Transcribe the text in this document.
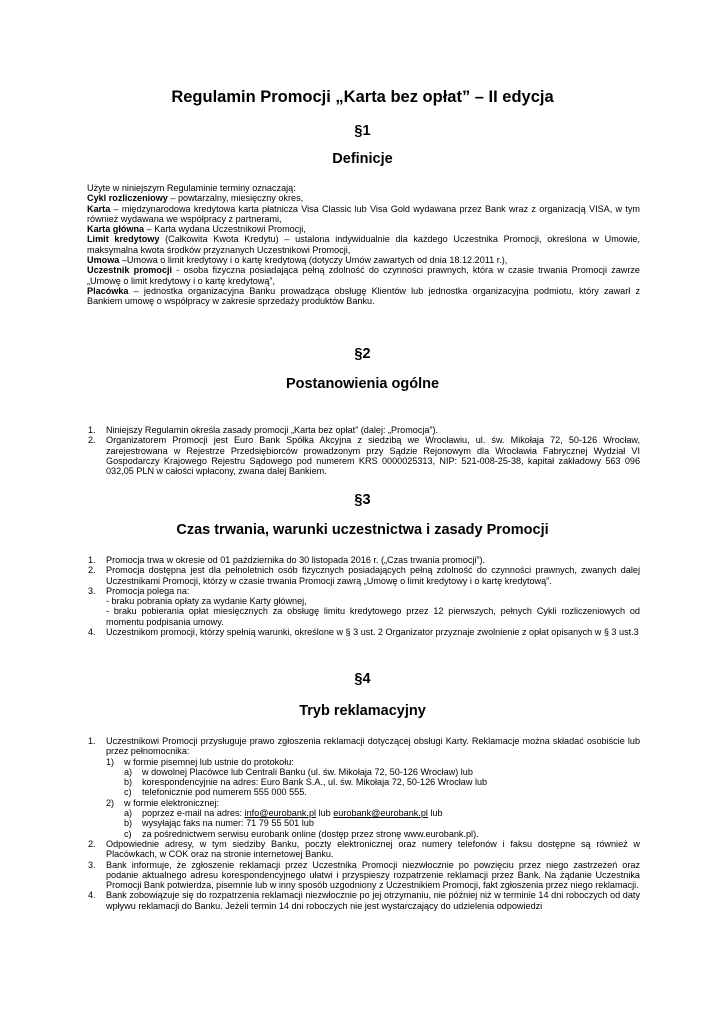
Regulamin Promocji „Karta bez opłat” – II edycja
§1
Definicje

Użyte w niniejszym Regulaminie terminy oznaczają:

Cykl rozliczeniowy – powtarzalny, miesięczny okres,

Karta – międzynarodowa kredytowa karta płatnicza Visa Classic lub Visa Gold wydawana przez Bank wraz z organizacją VISA, w tym również wydawana we współpracy z partnerami,

Karta główna – Karta wydana Uczestnikowi Promocji,

Limit kredytowy (Całkowita Kwota Kredytu) – ustalona indywidualnie dla każdego Uczestnika Promocji, określona w Umowie, maksymalna kwota środków przyznanych Uczestnikowi Promocji,

Umowa –Umowa o limit kredytowy i o kartę kredytową (dotyczy Umów zawartych od dnia 18.12.2011 r.),

Uczestnik promocji - osoba fizyczna posiadająca pełną zdolność do czynności prawnych, która w czasie trwania Promocji zawrze „Umowę o limit kredytowy i o kartę kredytową”,

Placówka – jednostka organizacyjna Banku prowadząca obsługę Klientów lub jednostka organizacyjna podmiotu, który zawarł z Bankiem umowę o współpracy w zakresie sprzedaży produktów Banku.

§2
Postanowienia ogólne
1. Niniejszy Regulamin określa zasady promocji „Karta bez opłat” (dalej: „Promocja”).
2. Organizatorem Promocji jest Euro Bank Spółka Akcyjna z siedzibą we Wrocławiu, ul. św. Mikołaja 72, 50-126 Wrocław, zarejestrowana w Rejestrze Przedsiębiorców prowadzonym przy Sądzie Rejonowym dla Wrocławia Fabrycznej Wydział VI Gospodarczy Krajowego Rejestru Sądowego pod numerem KRS 0000025313, NIP: 521-008-25-38, kapitał zakładowy 563 096 032,05 PLN w całości wpłacony, zwana dalej Bankiem.
§3
Czas trwania, warunki uczestnictwa i zasady Promocji
1. Promocja trwa w okresie od 01 października do 30 listopada 2016 r. („Czas trwania promocji”).
2. Promocja dostępna jest dla pełnoletnich osób fizycznych posiadających pełną zdolność do czynności prawnych, zwanych dalej Uczestnikami Promocji, którzy w czasie trwania Promocji zawrą „Umowę o limit kredytowy i o kartę kredytową”.
3. Promocja polega na:
- braku pobrania opłaty za wydanie Karty głównej,
- braku pobierania opłat miesięcznych za obsługę limitu kredytowego przez 12 pierwszych, pełnych Cykli rozliczeniowych od momentu podpisania umowy.
4. Uczestnikom promocji, którzy spełnią warunki, określone w § 3 ust. 2 Organizator przyznaje zwolnienie z opłat opisanych w § 3 ust.3
§4
Tryb reklamacyjny
1. Uczestnikowi Promocji przysługuje prawo zgłoszenia reklamacji dotyczącej obsługi Karty. Reklamacje można składać osobiście lub przez pełnomocnika:
1) w formie pisemnej lub ustnie do protokołu:
a) w dowolnej Placówce lub Centrali Banku (ul. św. Mikołaja 72, 50-126 Wrocław) lub
b) korespondencyjnie na adres: Euro Bank S.A., ul. św. Mikołaja 72, 50-126 Wrocław lub
c) telefonicznie pod numerem 555 000 555.
2) w formie elektronicznej:
a) poprzez e-mail na adres: info@eurobank.pl lub eurobank@eurobank.pl lub
b) wysyłając faks na numer: 71 79 55 501 lub
c) za pośrednictwem serwisu eurobank online (dostęp przez stronę www.eurobank.pl).
2. Odpowiednie adresy, w tym siedziby Banku, poczty elektronicznej oraz numery telefonów i faksu dostępne są również w Placówkach, w COK oraz na stronie internetowej Banku.
3. Bank informuje, że zgłoszenie reklamacji przez Uczestnika Promocji niezwłocznie po powzięciu przez niego zastrzeżeń oraz podanie aktualnego adresu korespondencyjnego ułatwi i przyspieszy rozpatrzenie reklamacji przez Bank. Na żądanie Uczestnika Promocji Bank potwierdza, pisemnie lub w inny sposób uzgodniony z Uczestnikiem Promocji, fakt zgłoszenia przez niego reklamacji.
4. Bank zobowiązuje się do rozpatrzenia reklamacji niezwłocznie po jej otrzymaniu, nie później niż w terminie 14 dni roboczych od daty wpływu reklamacji do Banku. Jeżeli termin 14 dni roboczych nie jest wystarczający do udzielenia odpowiedzi
